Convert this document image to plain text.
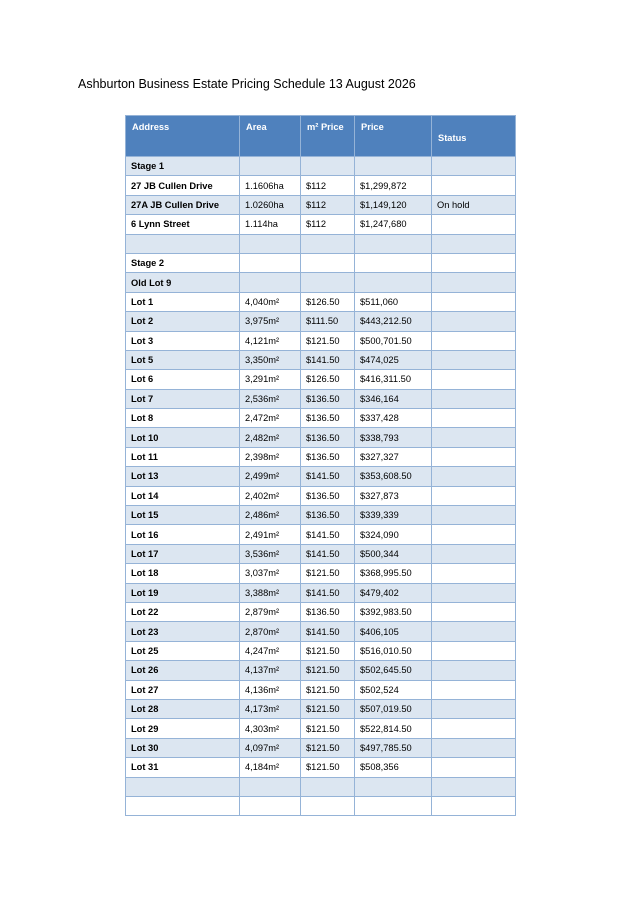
Ashburton Business Estate Pricing Schedule 13 August 2026
Address	Area	m² Price	Price	Status
Stage 1				
27 JB Cullen Drive	1.1606ha	$112	$1,299,872	
27A JB Cullen Drive	1.0260ha	$112	$1,149,120	On hold
6 Lynn Street	1.114ha	$112	$1,247,680	

Stage 2				
Old Lot 9				
Lot 1	4,040m²	$126.50	$511,060	
Lot 2	3,975m²	$111.50	$443,212.50	
Lot 3	4,121m²	$121.50	$500,701.50	
Lot 5	3,350m²	$141.50	$474,025	
Lot 6	3,291m²	$126.50	$416,311.50	
Lot 7	2,536m²	$136.50	$346,164	
Lot 8	2,472m²	$136.50	$337,428	
Lot 10	2,482m²	$136.50	$338,793	
Lot 11	2,398m²	$136.50	$327,327	
Lot 13	2,499m²	$141.50	$353,608.50	
Lot 14	2,402m²	$136.50	$327,873	
Lot 15	2,486m²	$136.50	$339,339	
Lot 16	2,491m²	$141.50	$324,090	
Lot 17	3,536m²	$141.50	$500,344	
Lot 18	3,037m²	$121.50	$368,995.50	
Lot 19	3,388m²	$141.50	$479,402	
Lot 22	2,879m²	$136.50	$392,983.50	
Lot 23	2,870m²	$141.50	$406,105	
Lot 25	4,247m²	$121.50	$516,010.50	
Lot 26	4,137m²	$121.50	$502,645.50	
Lot 27	4,136m²	$121.50	$502,524	
Lot 28	4,173m²	$121.50	$507,019.50	
Lot 29	4,303m²	$121.50	$522,814.50	
Lot 30	4,097m²	$121.50	$497,785.50	
Lot 31	4,184m²	$121.50	$508,356	
